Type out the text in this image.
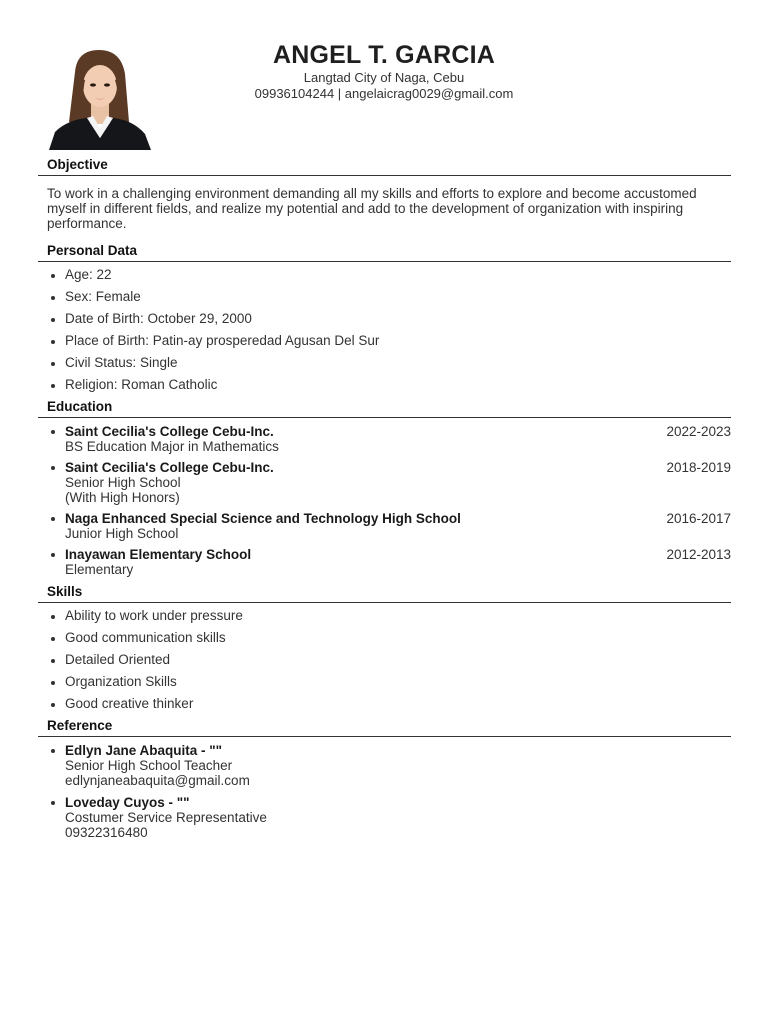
ANGEL T. GARCIA
Langtad City of Naga, Cebu
09936104244 | angelaicrag0029@gmail.com
Objective
To work in a challenging environment demanding all my skills and efforts to explore and become accustomed myself in different fields, and realize my potential and add to the development of organization with inspiring performance.
Personal Data
Age: 22
Sex: Female
Date of Birth: October 29, 2000
Place of Birth: Patin-ay prosperedad Agusan Del Sur
Civil Status: Single
Religion: Roman Catholic
Education
Saint Cecilia's College Cebu-Inc.	2022-2023
BS Education Major in Mathematics
Saint Cecilia's College Cebu-Inc.	2018-2019
Senior High School
(With High Honors)
Naga Enhanced Special Science and Technology High School	2016-2017
Junior High School
Inayawan Elementary School	2012-2013
Elementary
Skills
Ability to work under pressure
Good communication skills
Detailed Oriented
Organization Skills
Good creative thinker
Reference
Edlyn Jane Abaquita - ""
Senior High School Teacher
edlynjaneabaquita@gmail.com
Loveday Cuyos - ""
Costumer Service Representative
09322316480
